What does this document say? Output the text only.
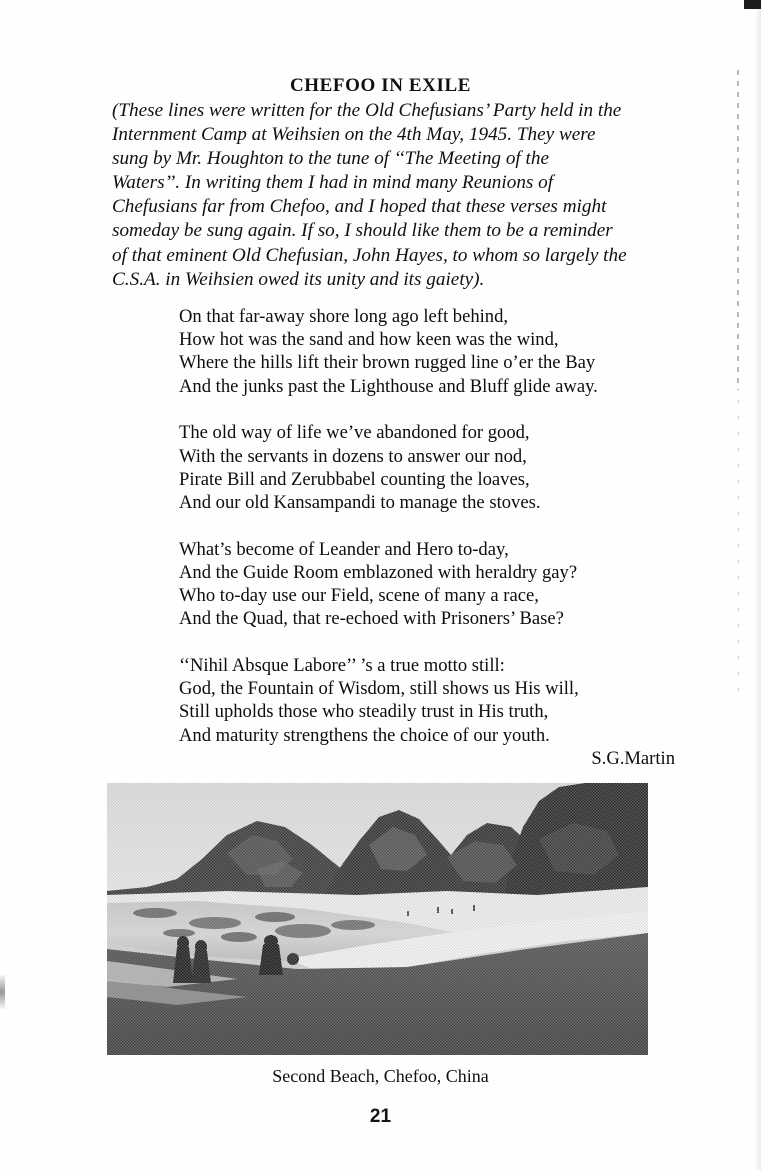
CHEFOO IN EXILE
(These lines were written for the Old Chefusians’ Party held in the
Internment Camp at Weihsien on the 4th May, 1945. They were
sung by Mr. Houghton to the tune of ‘‘The Meeting of the
Waters’’. In writing them I had in mind many Reunions of
Chefusians far from Chefoo, and I hoped that these verses might
someday be sung again. If so, I should like them to be a reminder
of that eminent Old Chefusian, John Hayes, to whom so largely the
C.S.A. in Weihsien owed its unity and its gaiety).
On that far-away shore long ago left behind,
How hot was the sand and how keen was the wind,
Where the hills lift their brown rugged line o’er the Bay
And the junks past the Lighthouse and Bluff glide away.
The old way of life we’ve abandoned for good,
With the servants in dozens to answer our nod,
Pirate Bill and Zerubbabel counting the loaves,
And our old Kansampandi to manage the stoves.
What’s become of Leander and Hero to-day,
And the Guide Room emblazoned with heraldry gay?
Who to-day use our Field, scene of many a race,
And the Quad, that re-echoed with Prisoners’ Base?
‘‘Nihil Absque Labore’’ ’s a true motto still:
God, the Fountain of Wisdom, still shows us His will,
Still upholds those who steadily trust in His truth,
And maturity strengthens the choice of our youth.
S.G.Martin
Second Beach, Chefoo, China
21
